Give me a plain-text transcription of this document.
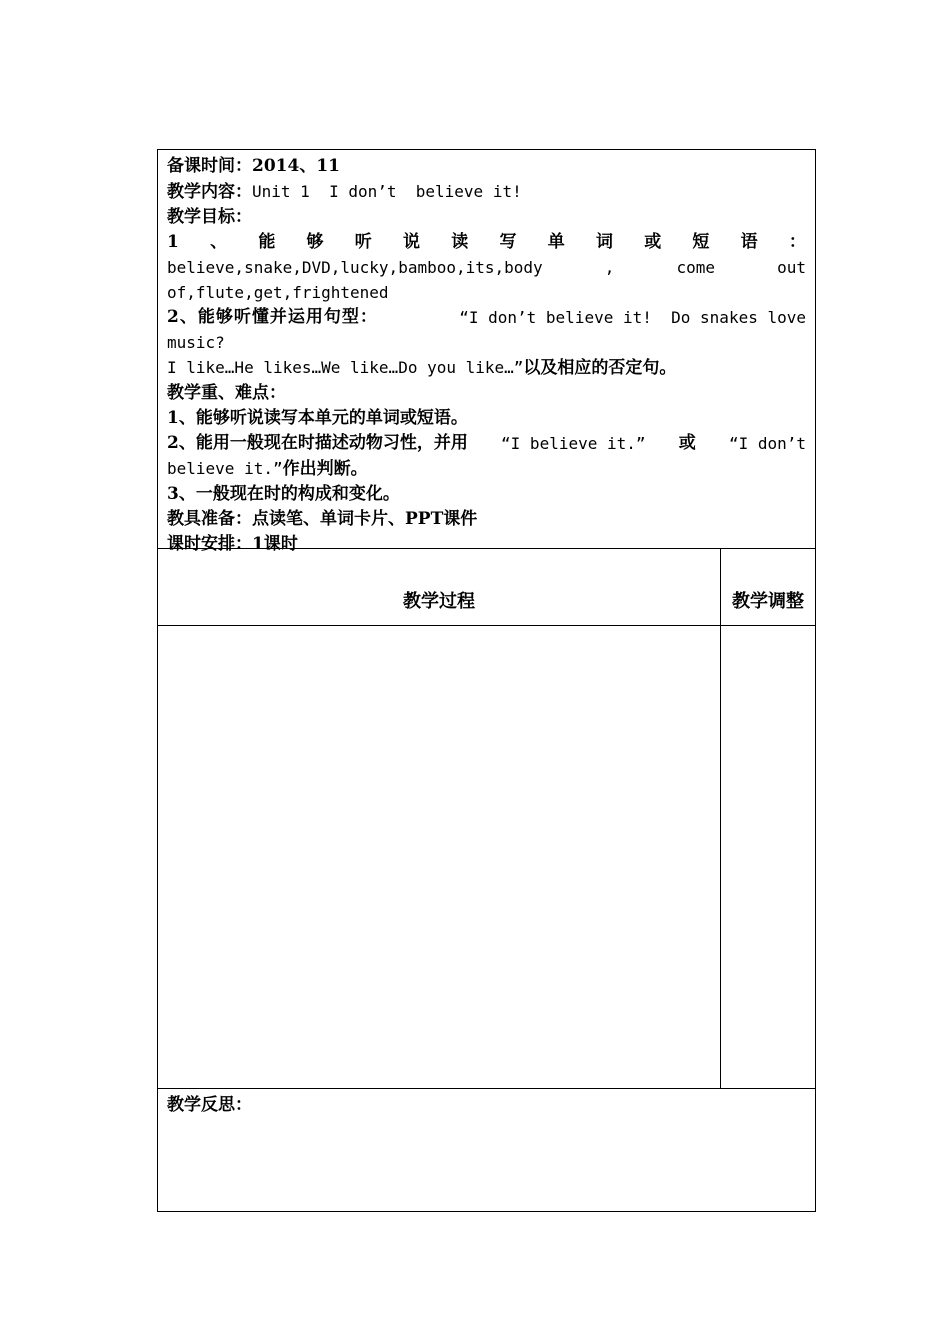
备课时间：2014、11
教学内容：Unit 1  I don’t  believe it!
教学目标：
1 、 能 够 听 说 读 写 单 词 或 短 语 ：
believe,snake,DVD,lucky,bamboo,its,body	,	come	out
of,flute,get,frightened
2、能够听懂并运用句型：	“I don’t believe it!  Do snakes love
music?
I like…He likes…We like…Do you like…”以及相应的否定句。
教学重、难点：
1、能够听说读写本单元的单词或短语。
2、能用一般现在时描述动物习性，并用 “I believe it.” 或 “I don’t
believe it.”作出判断。
3、一般现在时的构成和变化。
教具准备：点读笔、单词卡片、PPT课件
课时安排：1课时
教学过程	教学调整
教学反思：
